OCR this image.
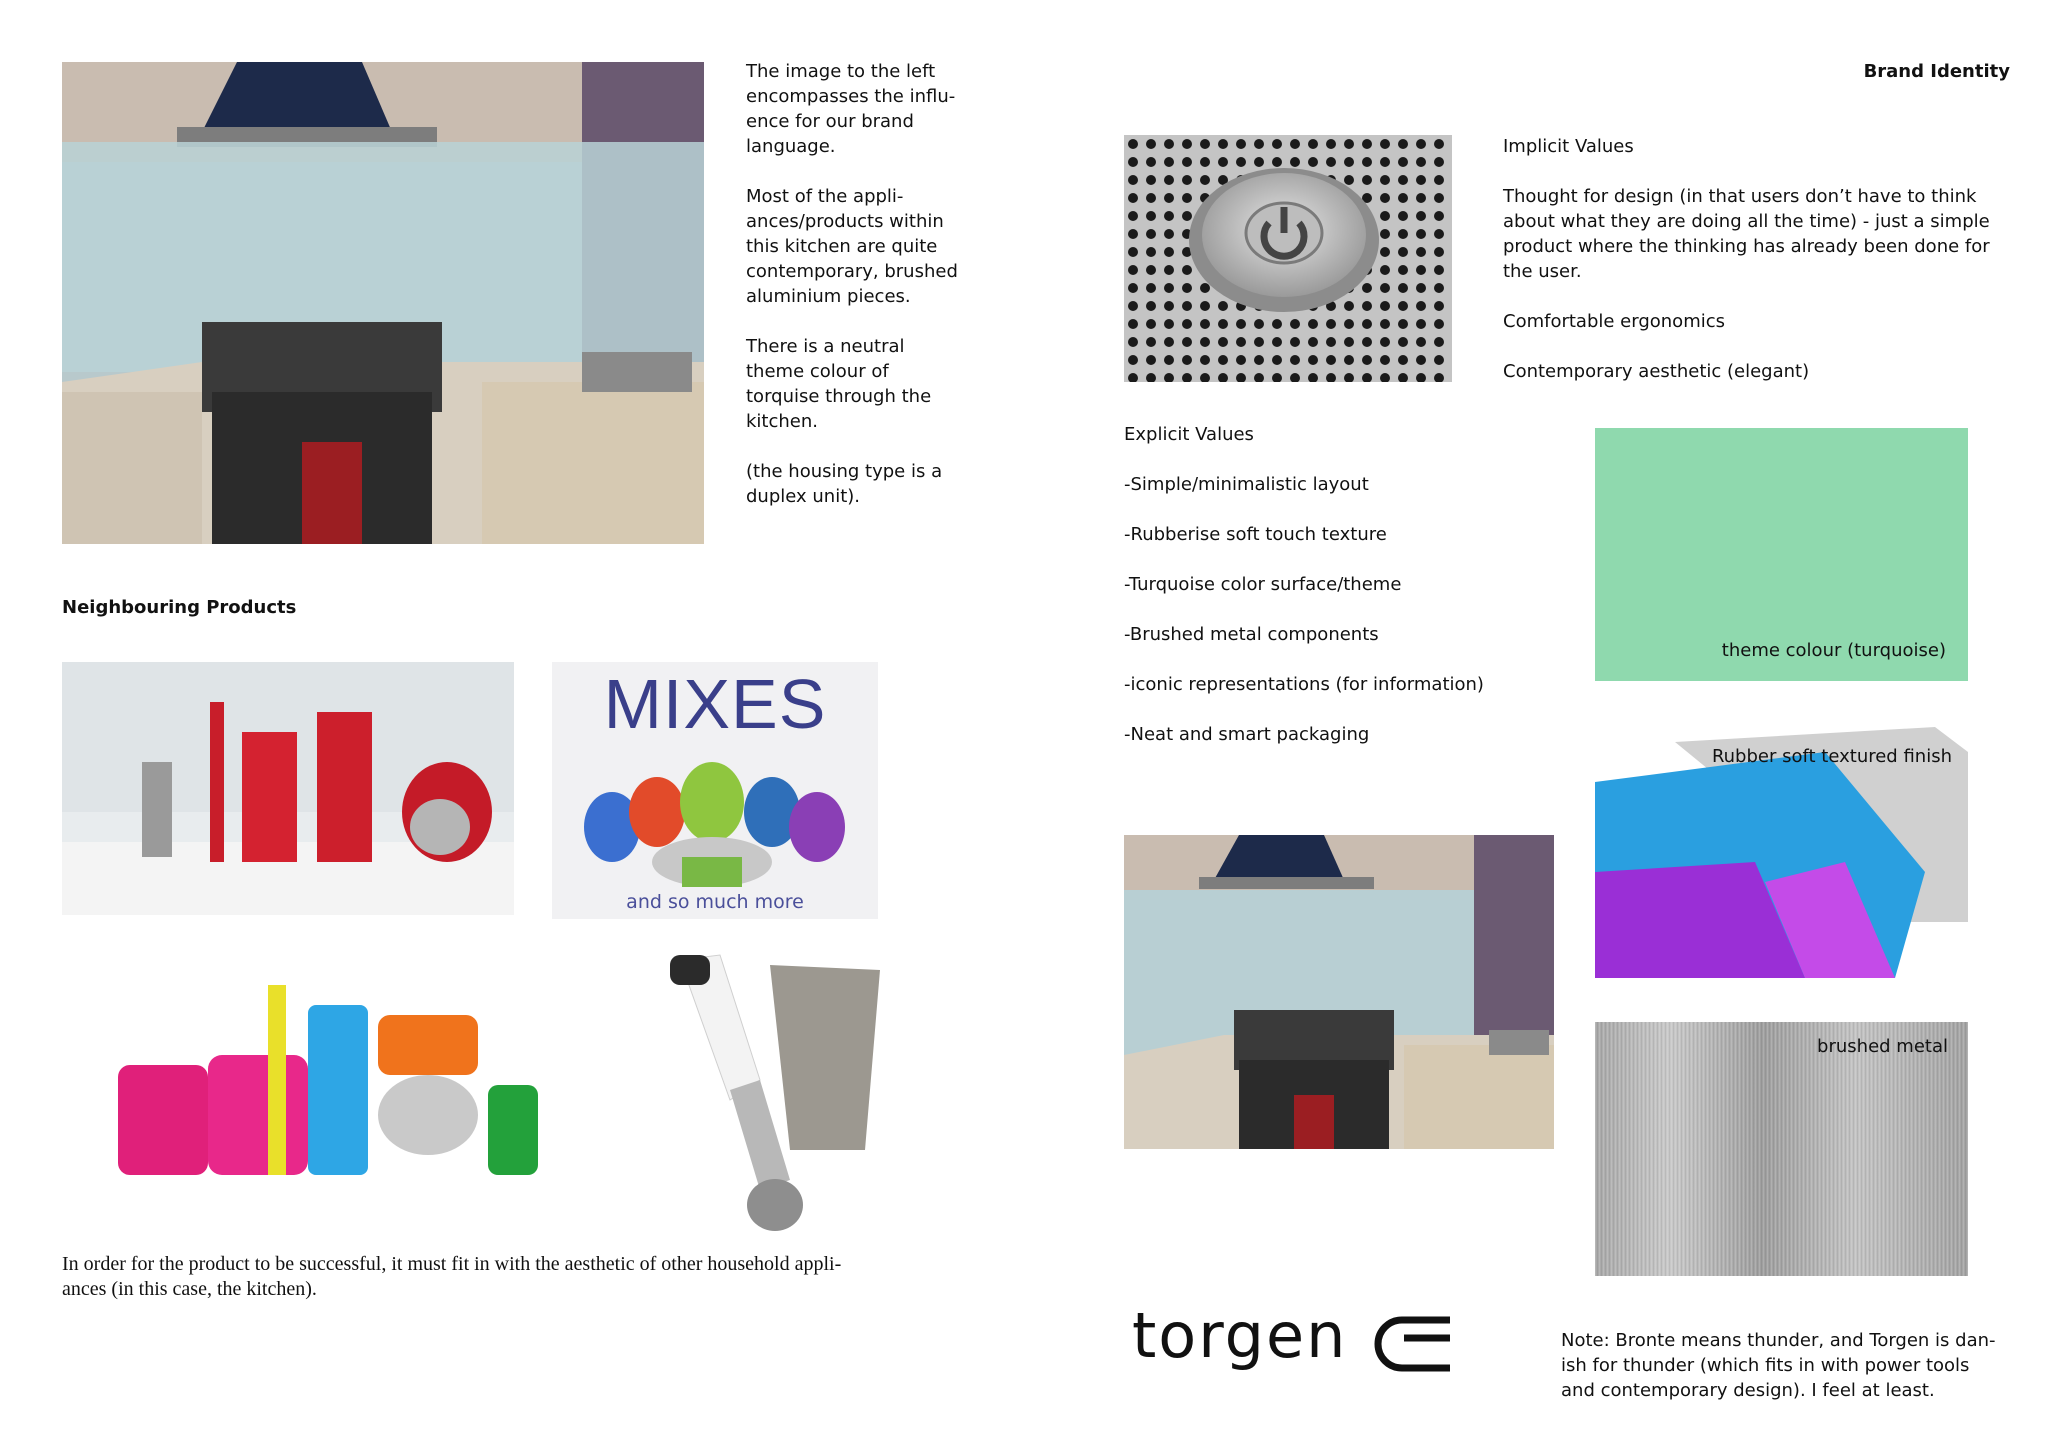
The image to the left
encompasses the influ-
ence for our brand
language.
Most of the appli-
ances/products within
this kitchen are quite
contemporary, brushed
aluminium pieces.
There is a neutral
theme colour of
torquise through the
kitchen.
(the housing type is a
duplex unit).
Neighbouring Products
MIXES
and so much more
In order for the product to be successful, it must fit in with the aesthetic of other household appli-
ances (in this case, the kitchen).
Brand Identity
Implicit Values
Thought for design (in that users don’t have to think
about what they are doing all the time) - just a simple
product where the thinking has already been done for
the user.
Comfortable ergonomics
Contemporary aesthetic (elegant)
Explicit Values
-Simple/minimalistic layout
-Rubberise soft touch texture
-Turquoise color surface/theme
-Brushed metal components
-iconic representations (for information)
-Neat and smart packaging
theme colour (turquoise)
Rubber soft textured finish
brushed metal
torgen	Note: Bronte means thunder, and Torgen is dan-
ish for thunder (which fits in with power tools
and contemporary design). I feel at least.
